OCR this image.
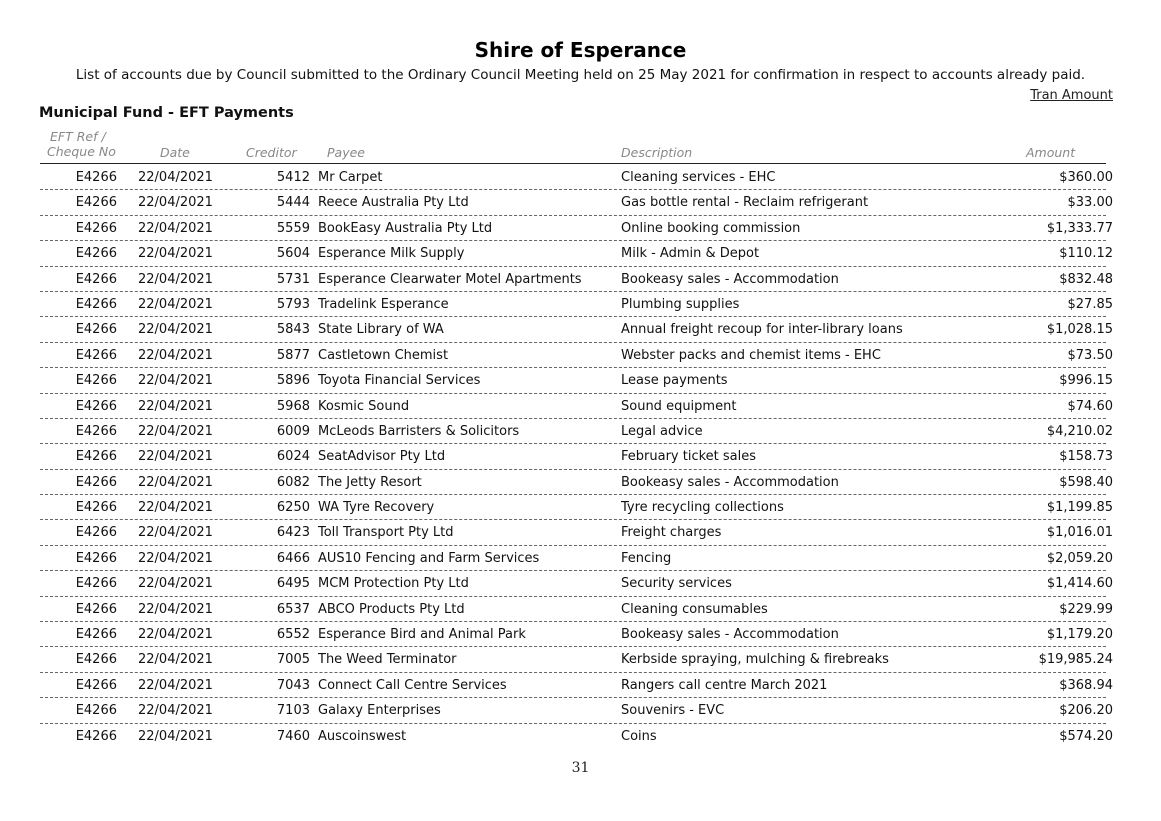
Shire of Esperance
List of accounts due by Council submitted to the Ordinary Council Meeting held on 25 May 2021 for confirmation in respect to accounts already paid.
Tran Amount
Municipal Fund - EFT Payments
EFT Ref /
Cheque No	Date	Creditor Payee	Description	Amount
E4266 22/04/2021	5412 Mr Carpet	Cleaning services - EHC	$360.00
E4266 22/04/2021	5444 Reece Australia Pty Ltd	Gas bottle rental - Reclaim refrigerant	$33.00
E4266 22/04/2021	5559 BookEasy Australia Pty Ltd	Online booking commission	$1,333.77
E4266 22/04/2021	5604 Esperance Milk Supply	Milk - Admin & Depot	$110.12
E4266 22/04/2021	5731 Esperance Clearwater Motel Apartments	Bookeasy sales - Accommodation	$832.48
E4266 22/04/2021	5793 Tradelink Esperance	Plumbing supplies	$27.85
E4266 22/04/2021	5843 State Library of WA	Annual freight recoup for inter-library loans	$1,028.15
E4266 22/04/2021	5877 Castletown Chemist	Webster packs and chemist items - EHC	$73.50
E4266 22/04/2021	5896 Toyota Financial Services	Lease payments	$996.15
E4266 22/04/2021	5968 Kosmic Sound	Sound equipment	$74.60
E4266 22/04/2021	6009 McLeods Barristers & Solicitors	Legal advice	$4,210.02
E4266 22/04/2021	6024 SeatAdvisor Pty Ltd	February ticket sales	$158.73
E4266 22/04/2021	6082 The Jetty Resort	Bookeasy sales - Accommodation	$598.40
E4266 22/04/2021	6250 WA Tyre Recovery	Tyre recycling collections	$1,199.85
E4266 22/04/2021	6423 Toll Transport Pty Ltd	Freight charges	$1,016.01
E4266 22/04/2021	6466 AUS10 Fencing and Farm Services	Fencing	$2,059.20
E4266 22/04/2021	6495 MCM Protection Pty Ltd	Security services	$1,414.60
E4266 22/04/2021	6537 ABCO Products Pty Ltd	Cleaning consumables	$229.99
E4266 22/04/2021	6552 Esperance Bird and Animal Park	Bookeasy sales - Accommodation	$1,179.20
E4266 22/04/2021	7005 The Weed Terminator	Kerbside spraying, mulching & firebreaks	$19,985.24
E4266 22/04/2021	7043 Connect Call Centre Services	Rangers call centre March 2021	$368.94
E4266 22/04/2021	7103 Galaxy Enterprises	Souvenirs - EVC	$206.20
E4266 22/04/2021	7460 Auscoinswest	Coins	$574.20
31
